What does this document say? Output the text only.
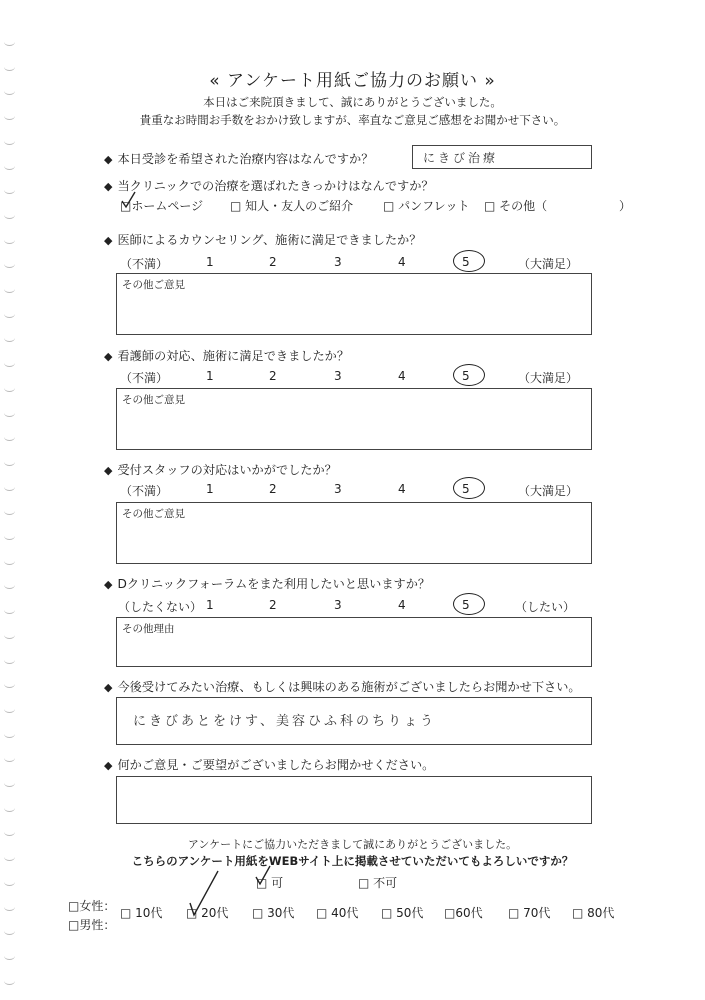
« アンケート用紙ご協力のお願い »
本日はご来院頂きまして、誠にありがとうございました。
貴重なお時間お手数をおかけ致しますが、率直なご意見ご感想をお聞かせ下さい。
◆ 本日受診を希望された治療内容はなんですか？	にきび治療
◆ 当クリニックでの治療を選ばれたきっかけはなんですか？
□ホームページ □ 知人・友人のご紹介 □ パンフレット □ その他（	）
◆ 医師によるカウンセリング、施術に満足できましたか？
（不満）	1	2	3	4	5	（大満足）
その他ご意見
◆ 看護師の対応、施術に満足できましたか？
（不満）	1	2	3	4	5	（大満足）
その他ご意見
◆ 受付スタッフの対応はいかがでしたか？
（不満）	1	2	3	4	5	（大満足）
その他ご意見
◆ Dクリニックフォーラムをまた利用したいと思いますか？
（したくない） 1	2	3	4	5	（したい）
その他理由
◆ 今後受けてみたい治療、もしくは興味のある施術がございましたらお聞かせ下さい。
にきびあとをけす、美容ひふ科のちりょう
◆ 何かご意見・ご要望がございましたらお聞かせください。
アンケートにご協力いただきまして誠にありがとうございました。
こちらのアンケート用紙をWEBサイト上に掲載させていただいてもよろしいですか？
□ 可	□ 不可
□女性：
□男性：
□ 10代 □ 20代 □ 30代 □ 40代 □ 50代 □60代 □ 70代 □ 80代
